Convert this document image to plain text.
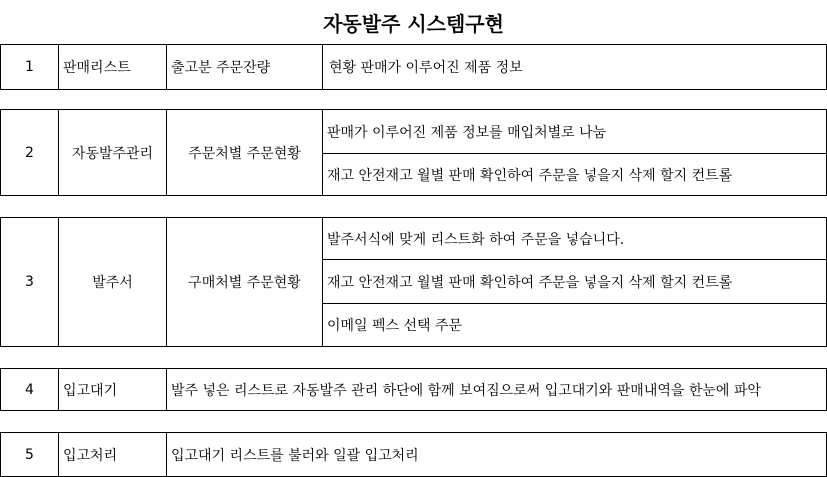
자동발주 시스템구현
1	판매리스트	출고분 주문잔량	현황 판매가 이루어진 제품 정보
2	자동발주관리	주문처별 주문현황
판매가 이루어진 제품 정보를 매입처별로 나눔
재고 안전재고 월별 판매 확인하여 주문을 넣을지 삭제 할지 컨트롤
3	발주서	구매처별 주문현황
발주서식에 맞게 리스트화 하여 주문을 넣습니다.
재고 안전재고 월별 판매 확인하여 주문을 넣을지 삭제 할지 컨트롤
이메일 펙스 선택 주문
4	입고대기	발주 넣은 리스트로 자동발주 관리 하단에 함께 보여짐으로써 입고대기와 판매내역을 한눈에 파악
5	입고처리	입고대기 리스트를 불러와 일괄 입고처리
